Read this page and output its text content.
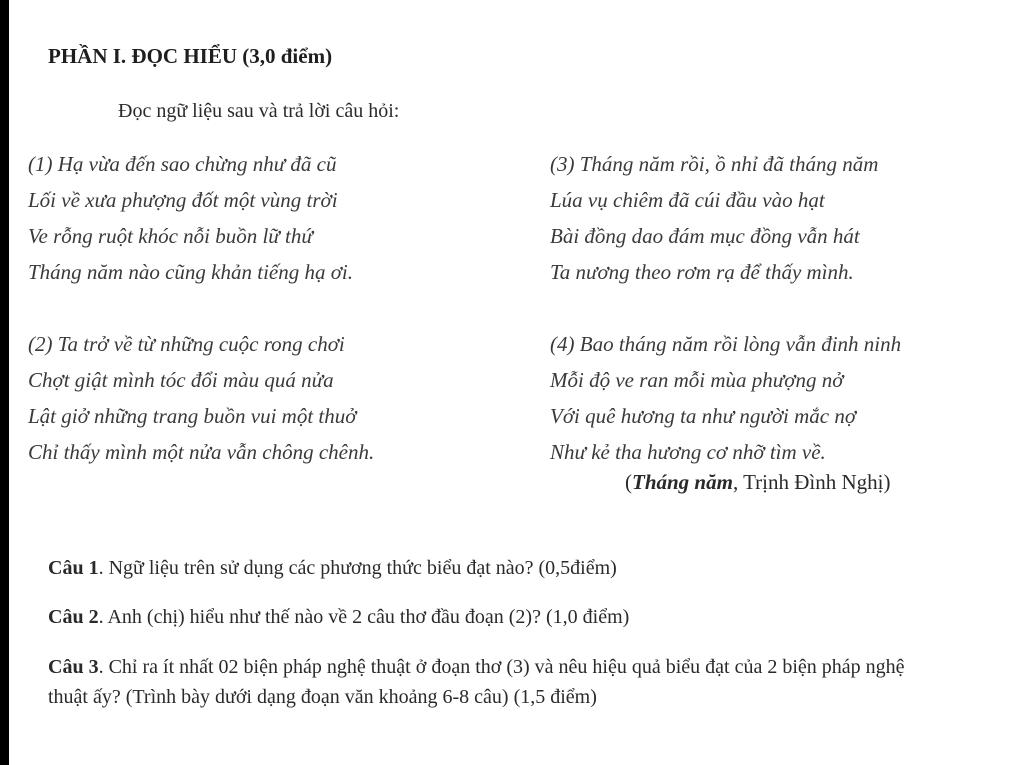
PHẦN I. ĐỌC HIỂU (3,0 điểm)
Đọc ngữ liệu sau và trả lời câu hỏi:
(1) Hạ vừa đến sao chừng như đã cũ
Lối về xưa phượng đốt một vùng trời
Ve rỗng ruột khóc nỗi buồn lữ thứ
Tháng năm nào cũng khản tiếng hạ ơi.
(2) Ta trở về từ những cuộc rong chơi
Chợt giật mình tóc đổi màu quá nửa
Lật giở những trang buồn vui một thuở
Chỉ thấy mình một nửa vẫn chông chênh.
(3) Tháng năm rồi, ồ nhỉ đã tháng năm
Lúa vụ chiêm đã cúi đầu vào hạt
Bài đồng dao đám mục đồng vẫn hát
Ta nương theo rơm rạ để thấy mình.
(4) Bao tháng năm rồi lòng vẫn đinh ninh
Mỗi độ ve ran mỗi mùa phượng nở
Với quê hương ta như người mắc nợ
Như kẻ tha hương cơ nhỡ tìm về.
(Tháng năm, Trịnh Đình Nghị)
Câu 1. Ngữ liệu trên sử dụng các phương thức biểu đạt nào? (0,5điểm)
Câu 2. Anh (chị) hiểu như thế nào về 2 câu thơ đầu đoạn (2)? (1,0 điểm)
Câu 3. Chỉ ra ít nhất 02 biện pháp nghệ thuật ở đoạn thơ (3) và nêu hiệu quả biểu đạt của 2 biện pháp nghệ thuật ấy? (Trình bày dưới dạng đoạn văn khoảng 6-8 câu) (1,5 điểm)
